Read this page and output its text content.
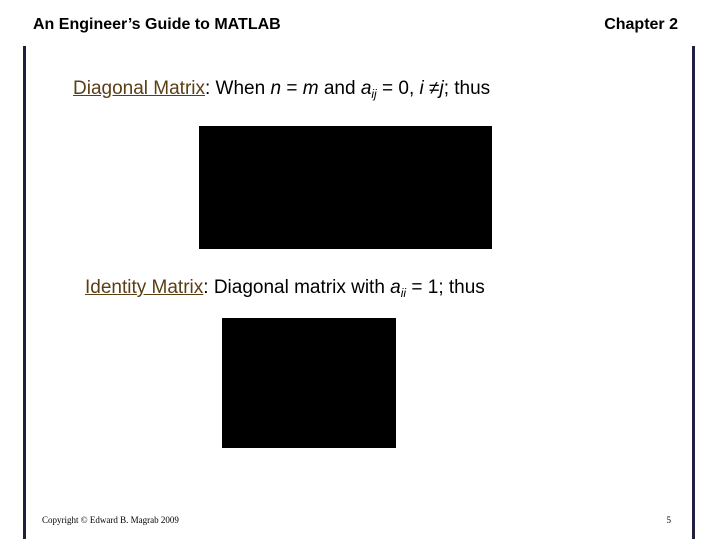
An Engineer’s Guide to MATLAB	Chapter 2
Diagonal Matrix: When n = m and $a_{ij} = 0$, i ≠j; thus
Identity Matrix: Diagonal matrix with $a_{ii} = 1$; thus
Copyright © Edward B. Magrab 2009	5
